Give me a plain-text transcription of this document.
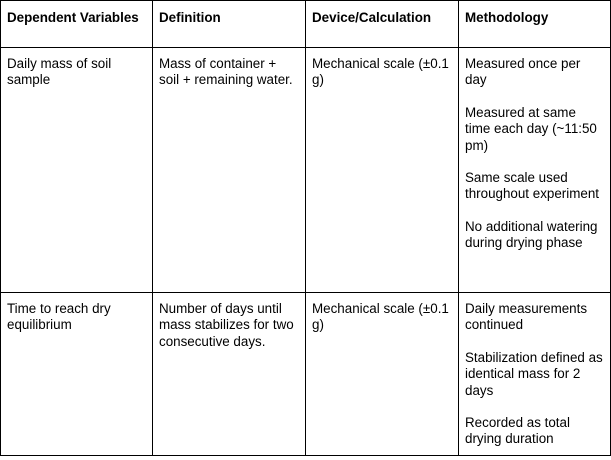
Dependent Variables	Definition	Device/Calculation	Methodology
Daily mass of soil sample	Mass of container + soil + remaining water.	Mechanical scale (±0.1 g)	Measured once per day

Measured at same time each day (~11:50 pm)

Same scale used throughout experiment

No additional watering during drying phase

Time to reach dry equilibrium	Number of days until mass stabilizes for two consecutive days.	Mechanical scale (±0.1 g)	Daily measurements continued

Stabilization defined as identical mass for 2 days

Recorded as total drying duration
